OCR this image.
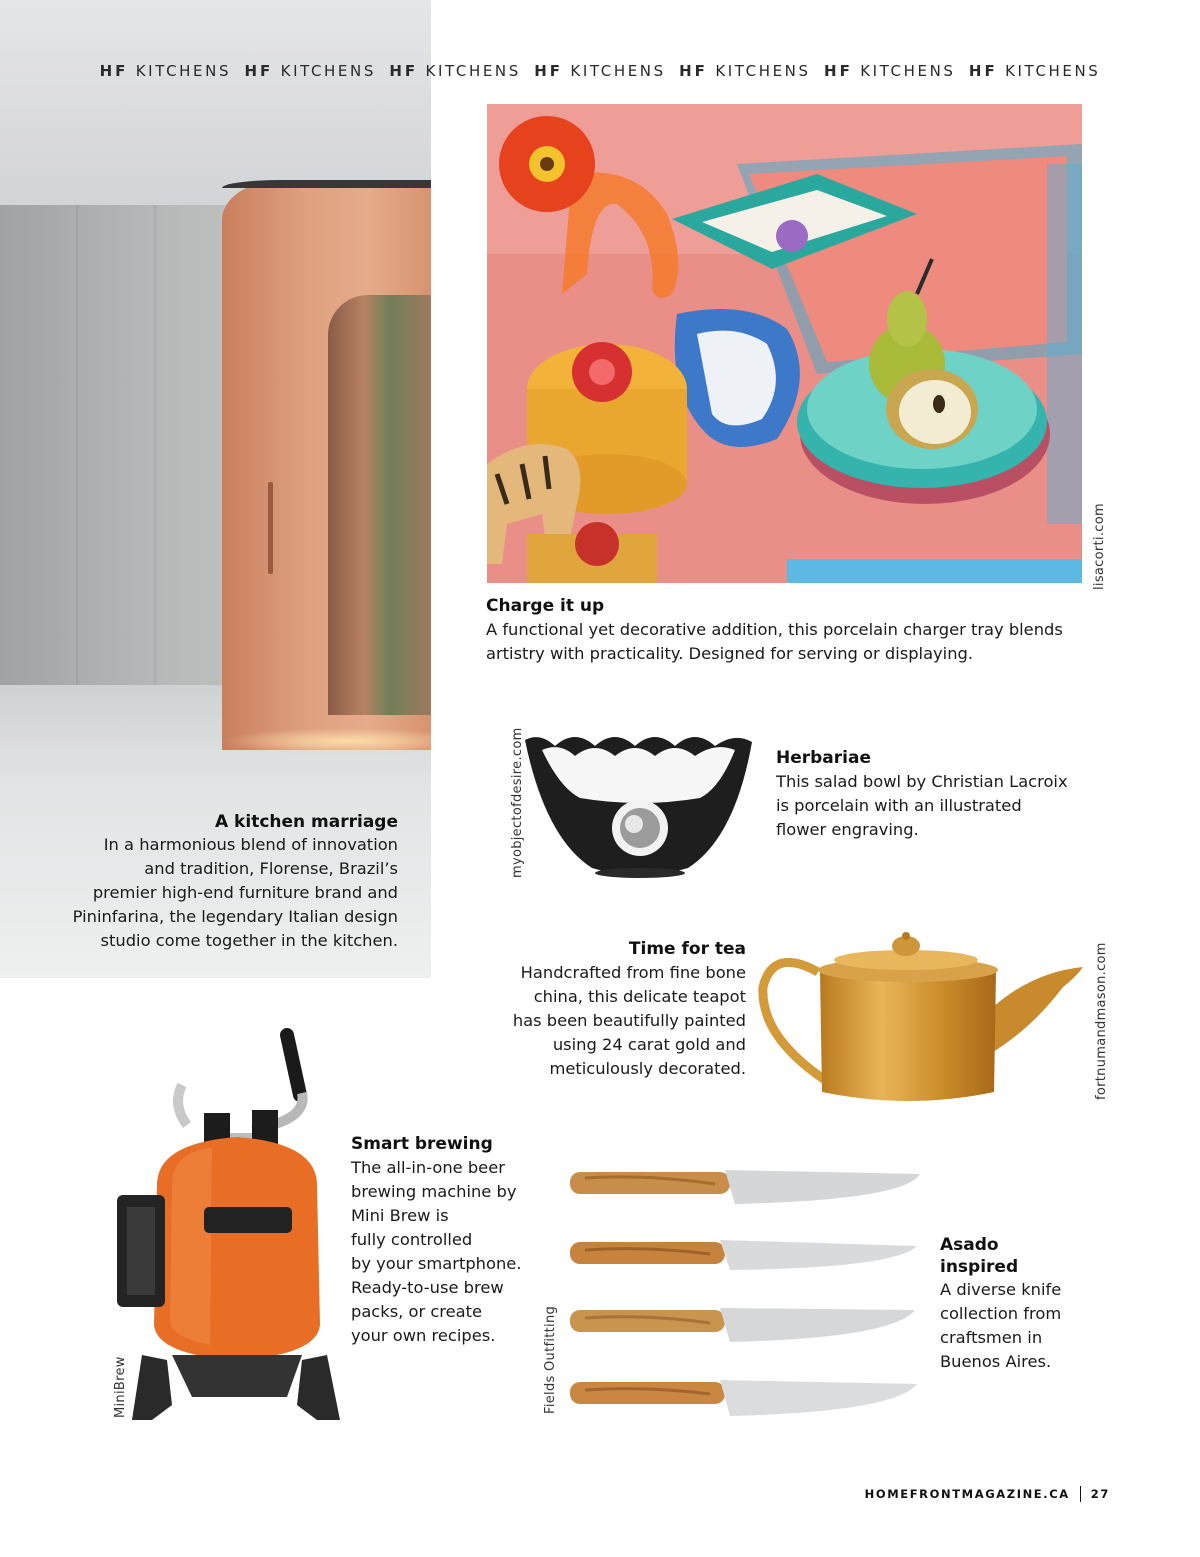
HF KITCHENS HF KITCHENS HF KITCHENS HF KITCHENS HF KITCHENS HF KITCHENS HF KITCHENS
A kitchen marriage

In a harmonious blend of innovation

and tradition, Florense, Brazil’s

premier high-end furniture brand and

Pininfarina, the legendary Italian design

studio come together in the kitchen.

lisacorti.com
Charge it up

A functional yet decorative addition, this porcelain charger tray blends

artistry with practicality. Designed for serving or displaying.

myobjectofdesire.com	Herbariae

This salad bowl by Christian Lacroix

is porcelain with an illustrated

flower engraving.

Time for tea

Handcrafted from fine bone

china, this delicate teapot

has been beautifully painted

using 24 carat gold and

meticulously decorated.	fortnumandmason.com
MiniBrew
Smart brewing

The all-in-one beer

brewing machine by

Mini Brew is

fully controlled

by your smartphone.

Ready-to-use brew

packs, or create

your own recipes.	Fields Outfitting
Asado
inspired

A diverse knife

collection from

craftsmen in

Buenos Aires.

HOMEFRONTMAGAZINE.CA 27
